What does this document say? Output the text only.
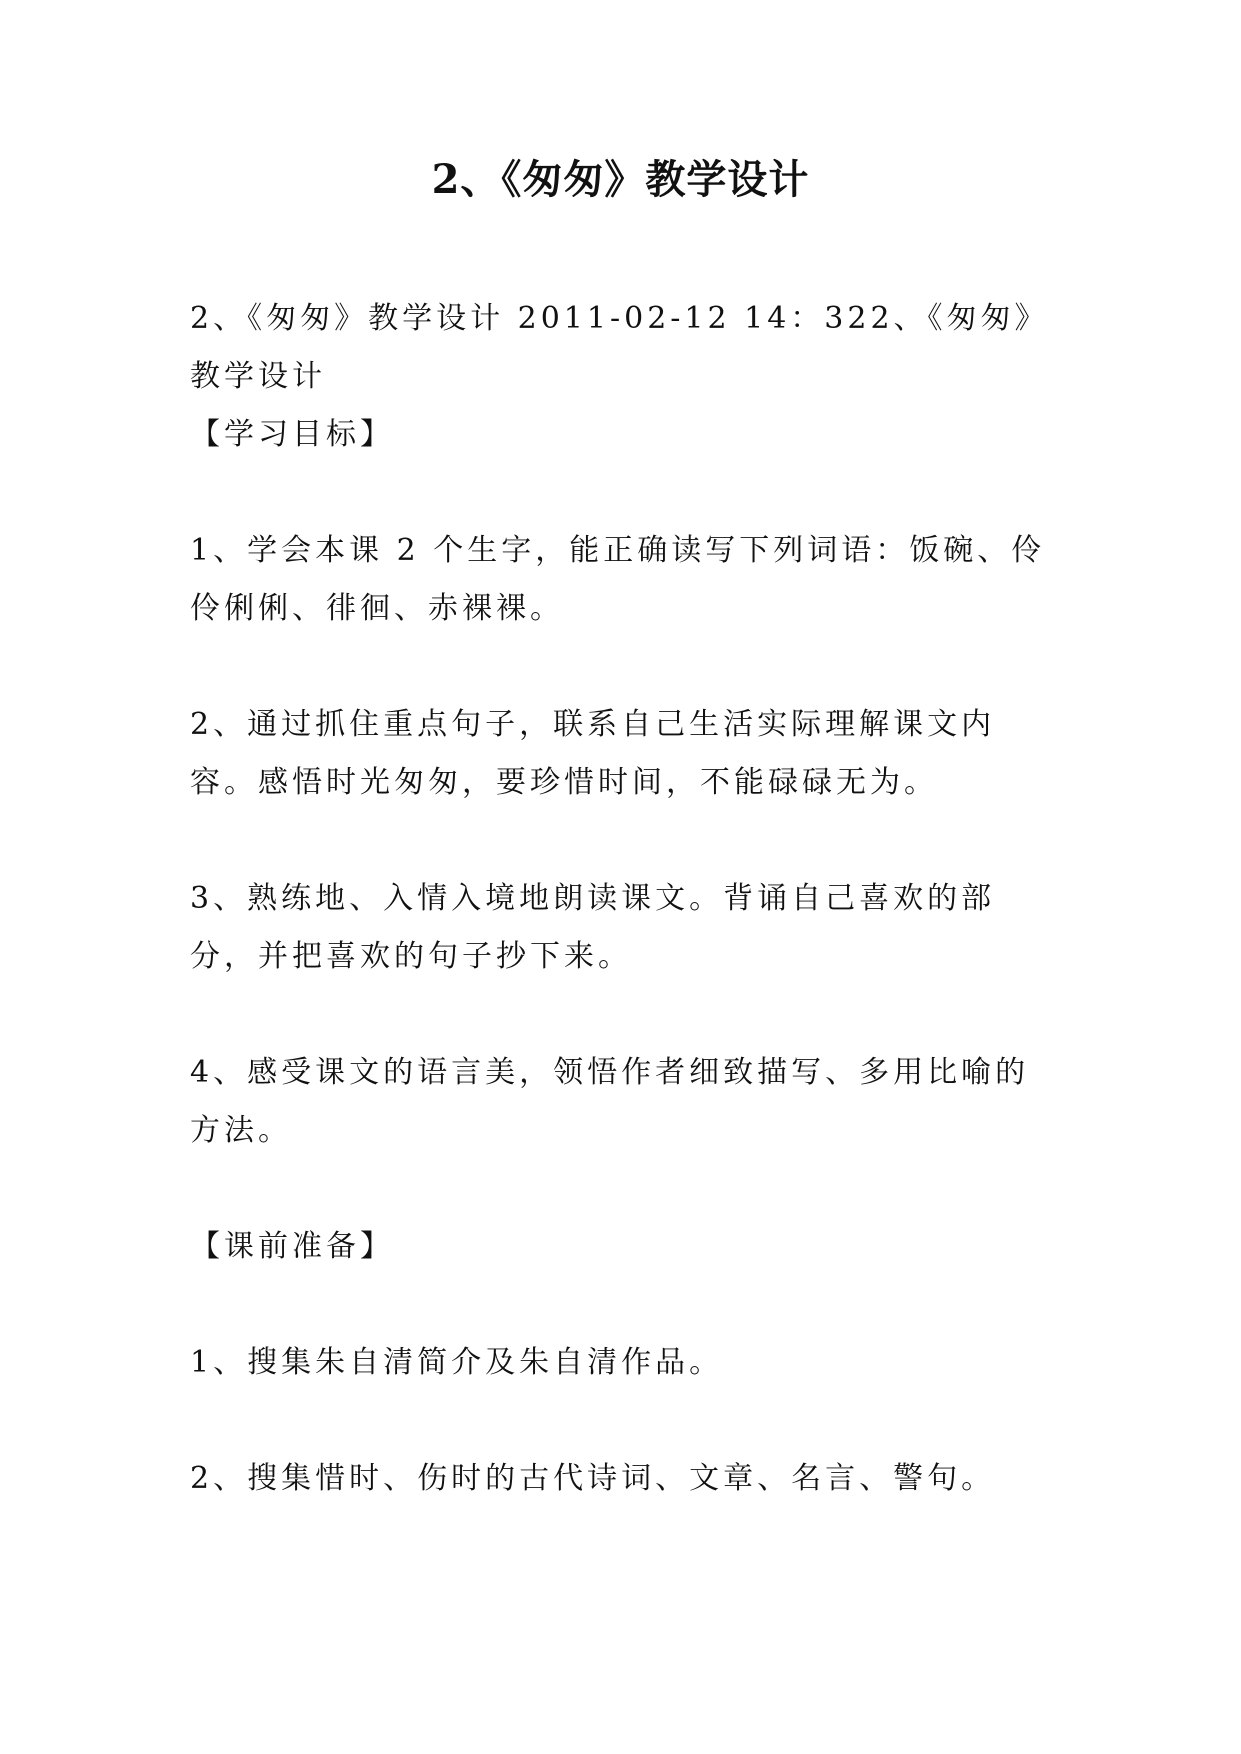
2、《匆匆》教学设计

2、《匆匆》教学设计 2011-02-12 14：322、《匆匆》教学设计

【学习目标】

1、学会本课 2 个生字，能正确读写下列词语：饭碗、伶伶俐俐、徘徊、赤裸裸。

2、通过抓住重点句子，联系自己生活实际理解课文内容。感悟时光匆匆，要珍惜时间，不能碌碌无为。

3、熟练地、入情入境地朗读课文。背诵自己喜欢的部分，并把喜欢的句子抄下来。

4、感受课文的语言美，领悟作者细致描写、多用比喻的方法。

【课前准备】

1、搜集朱自清简介及朱自清作品。

2、搜集惜时、伤时的古代诗词、文章、名言、警句。
